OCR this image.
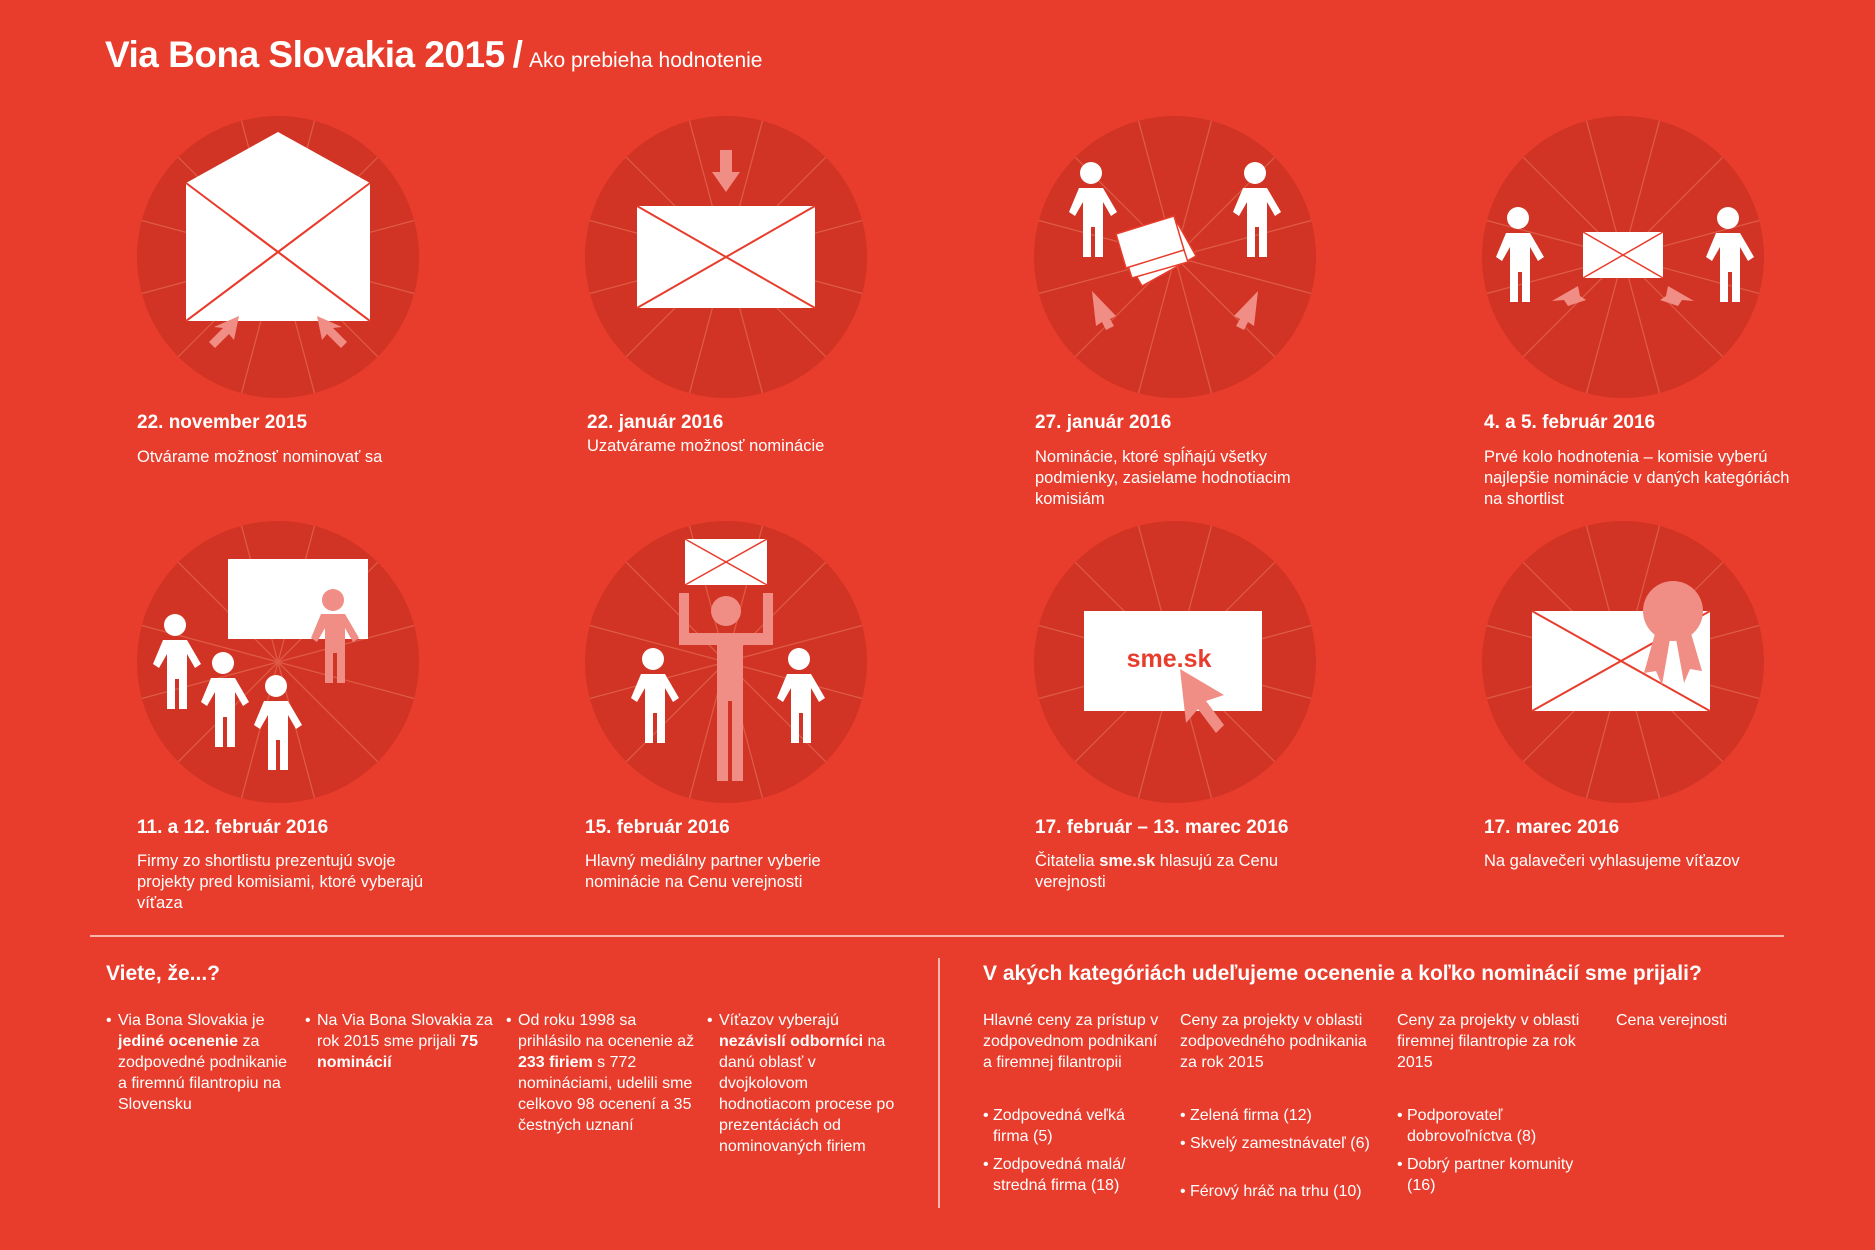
Via Bona Slovakia 2015 / Ako prebieha hodnotenie
22. november 2015
Otvárame možnosť nominovať sa
22. január 2016
Uzatvárame možnosť nominácie
27. január 2016
Nominácie, ktoré spĺňajú všetky podmienky, zasielame hodnotiacim komisiám
4. a 5. február 2016
Prvé kolo hodnotenia – komisie vyberú najlepšie nominácie v daných kategóriách na shortlist
11. a 12. február 2016
Firmy zo shortlistu prezentujú svoje projekty pred komisiami, ktoré vyberajú víťaza
15. február 2016
Hlavný mediálny partner vyberie nominácie na Cenu verejnosti
sme.sk
17. február – 13. marec 2016
Čitatelia sme.sk hlasujú za Cenu verejnosti
17. marec 2016
Na galavečeri vyhlasujeme víťazov
Viete, že...?
• Via Bona Slovakia je jediné ocenenie za zodpovedné podnikanie a firemnú filantropiu na Slovensku
• Na Via Bona Slovakia za rok 2015 sme prijali 75 nominácií
• Od roku 1998 sa prihlásilo na ocenenie až 233 firiem s 772 nomináciami, udelili sme celkovo 98 ocenení a 35 čestných uznaní
• Víťazov vyberajú nezávislí odborníci na danú oblasť v dvojkolovom hodnotiacom procese po prezentáciách od nominovaných firiem
V akých kategóriách udeľujeme ocenenie a koľko nominácií sme prijali?
Hlavné ceny za prístup v zodpovednom podnikaní a firemnej filantropii
• Zodpovedná veľká firma (5)
• Zodpovedná malá/ stredná firma (18)
Ceny za projekty v oblasti zodpovedného podnikania za rok 2015
• Zelená firma (12)
• Skvelý zamestnávateľ (6)
• Férový hráč na trhu (10)
Ceny za projekty v oblasti firemnej filantropie za rok 2015
• Podporovateľ dobrovoľníctva (8)
• Dobrý partner komunity (16)
Cena verejnosti
